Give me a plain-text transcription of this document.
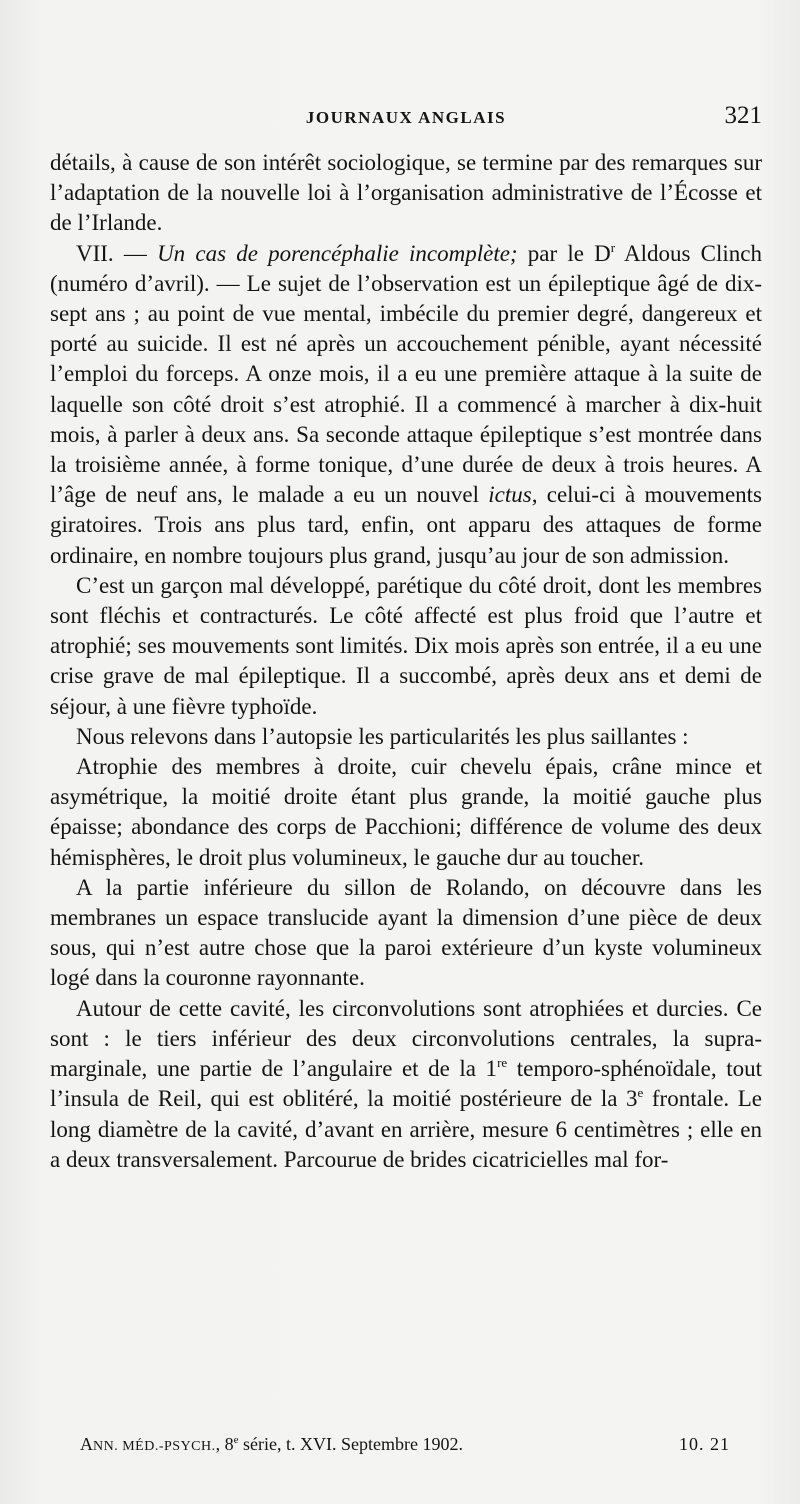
JOURNAUX ANGLAIS	321

détails, à cause de son intérêt sociologique, se termine par des remarques sur l’adaptation de la nouvelle loi à l’organisation administrative de l’Écosse et de l’Irlande.

VII. — Un cas de porencéphalie incomplète; par le $D^r$ Aldous Clinch (numéro d’avril). — Le sujet de l’observation est un épileptique âgé de dix-sept ans ; au point de vue mental, imbécile du premier degré, dangereux et porté au suicide. Il est né après un accouchement pénible, ayant nécessité l’emploi du forceps. A onze mois, il a eu une première attaque à la suite de laquelle son côté droit s’est atrophié. Il a commencé à marcher à dix-huit mois, à parler à deux ans. Sa seconde attaque épileptique s’est montrée dans la troisième année, à forme tonique, d’une durée de deux à trois heures. A l’âge de neuf ans, le malade a eu un nouvel ictus, celui-ci à mouvements giratoires. Trois ans plus tard, enfin, ont apparu des attaques de forme ordinaire, en nombre toujours plus grand, jusqu’au jour de son admission.

C’est un garçon mal développé, parétique du côté droit, dont les membres sont fléchis et contracturés. Le côté affecté est plus froid que l’autre et atrophié; ses mouvements sont limités. Dix mois après son entrée, il a eu une crise grave de mal épileptique. Il a succombé, après deux ans et demi de séjour, à une fièvre typhoïde.

Nous relevons dans l’autopsie les particularités les plus saillantes :

Atrophie des membres à droite, cuir chevelu épais, crâne mince et asymétrique, la moitié droite étant plus grande, la moitié gauche plus épaisse; abondance des corps de Pacchioni; différence de volume des deux hémisphères, le droit plus volumineux, le gauche dur au toucher.

A la partie inférieure du sillon de Rolando, on découvre dans les membranes un espace translucide ayant la dimension d’une pièce de deux sous, qui n’est autre chose que la paroi extérieure d’un kyste volumineux logé dans la couronne rayonnante.

Autour de cette cavité, les circonvolutions sont atrophiées et durcies. Ce sont : le tiers inférieur des deux circonvolutions centrales, la supra-marginale, une partie de l’angulaire et de la 1re temporo-sphénoïdale, tout l’insula de Reil, qui est oblitéré, la moitié postérieure de la 3e frontale. Le long diamètre de la cavité, d’avant en arrière, mesure 6 centimètres ; elle en a deux transversalement. Parcourue de brides cicatricielles mal for-

ANN. MÉD.-PSYCH., 8e série, t. XVI. Septembre 1902.	10. 21
